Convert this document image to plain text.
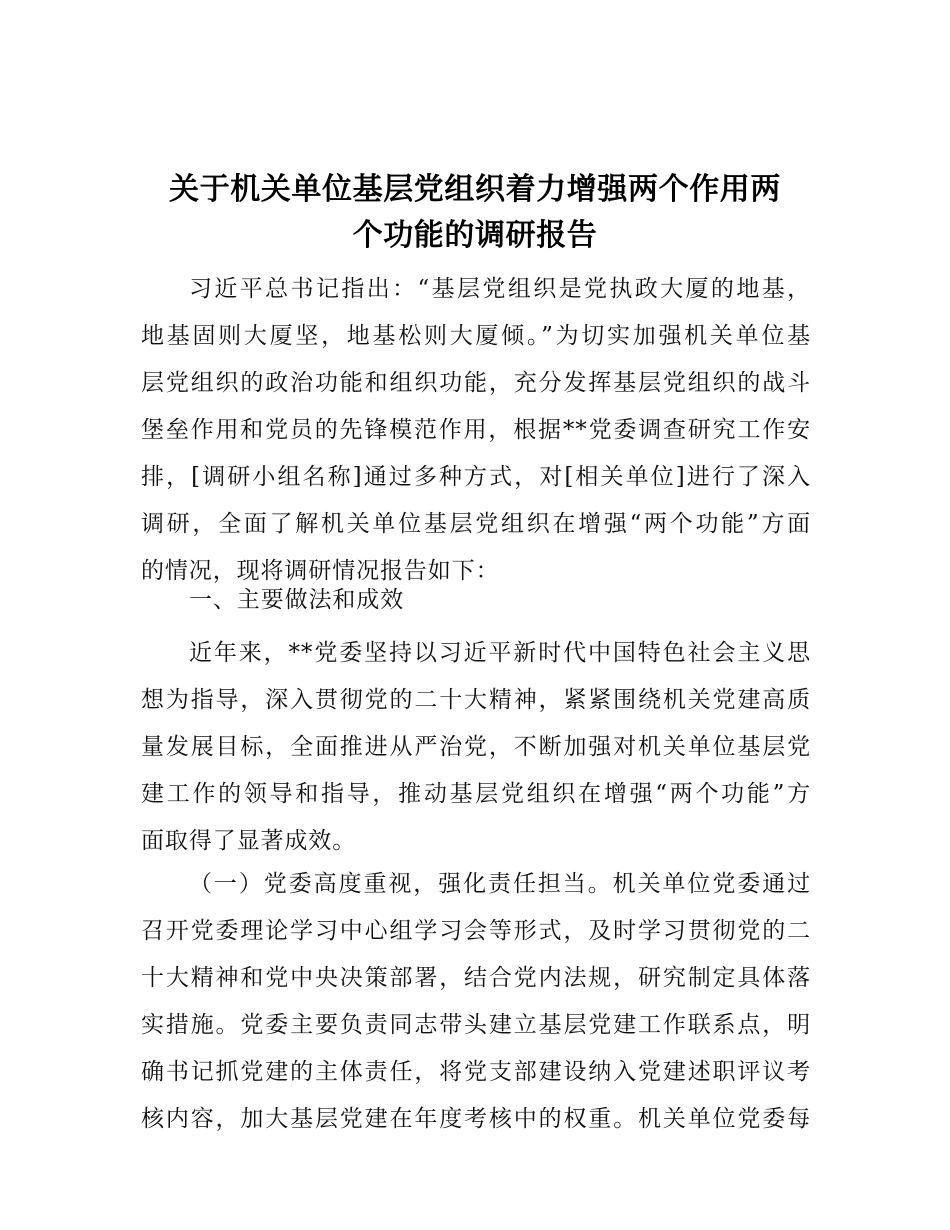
关于机关单位基层党组织着力增强两个作用两
个功能的调研报告
习近平总书记指出：“基层党组织是党执政大厦的地基，
地基固则大厦坚，地基松则大厦倾。”为切实加强机关单位基
层党组织的政治功能和组织功能，充分发挥基层党组织的战斗
堡垒作用和党员的先锋模范作用，根据**党委调查研究工作安
排，[调研小组名称]通过多种方式，对[相关单位]进行了深入
调研，全面了解机关单位基层党组织在增强“两个功能”方面
的情况，现将调研情况报告如下：
一、主要做法和成效
近年来，**党委坚持以习近平新时代中国特色社会主义思
想为指导，深入贯彻党的二十大精神，紧紧围绕机关党建高质
量发展目标，全面推进从严治党，不断加强对机关单位基层党
建工作的领导和指导，推动基层党组织在增强“两个功能”方
面取得了显著成效。
（一）党委高度重视，强化责任担当。机关单位党委通过
召开党委理论学习中心组学习会等形式，及时学习贯彻党的二
十大精神和党中央决策部署，结合党内法规，研究制定具体落
实措施。党委主要负责同志带头建立基层党建工作联系点，明
确书记抓党建的主体责任，将党支部建设纳入党建述职评议考
核内容，加大基层党建在年度考核中的权重。机关单位党委每
